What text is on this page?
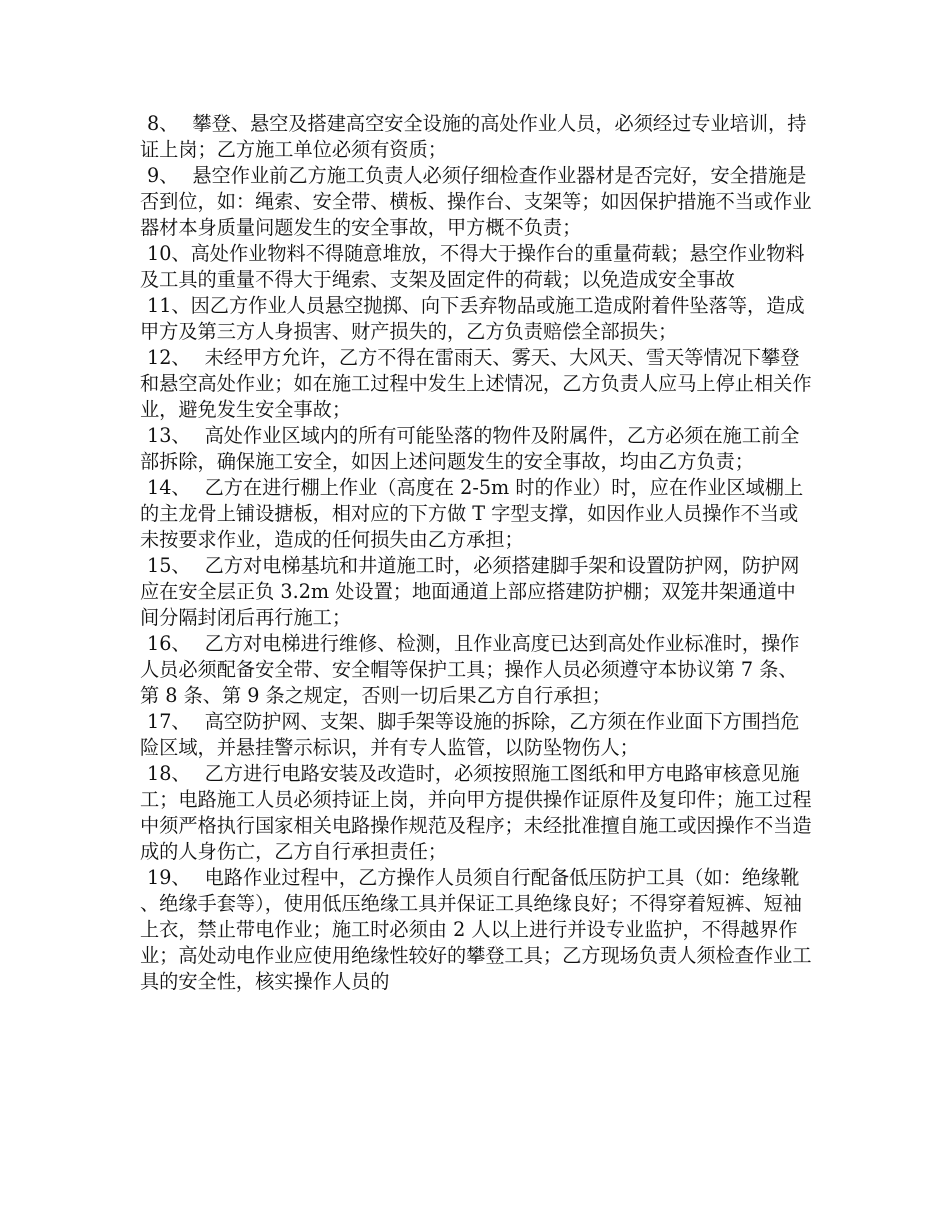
8、 攀登、悬空及搭建高空安全设施的高处作业人员，必须经过专业培训，持证上岗；乙方施工单位必须有资质；

9、 悬空作业前乙方施工负责人必须仔细检查作业器材是否完好，安全措施是否到位，如：绳索、安全带、横板、操作台、支架等；如因保护措施不当或作业器材本身质量问题发生的安全事故，甲方概不负责；

10、高处作业物料不得随意堆放，不得大于操作台的重量荷载；悬空作业物料及工具的重量不得大于绳索、支架及固定件的荷载；以免造成安全事故

11、因乙方作业人员悬空抛掷、向下丢弃物品或施工造成附着件坠落等，造成甲方及第三方人身损害、财产损失的，乙方负责赔偿全部损失；

12、 未经甲方允许，乙方不得在雷雨天、雾天、大风天、雪天等情况下攀登和悬空高处作业；如在施工过程中发生上述情况，乙方负责人应马上停止相关作业，避免发生安全事故；

13、 高处作业区域内的所有可能坠落的物件及附属件，乙方必须在施工前全部拆除，确保施工安全，如因上述问题发生的安全事故，均由乙方负责；

14、 乙方在进行棚上作业（高度在 2-5m 时的作业）时，应在作业区域棚上的主龙骨上铺设搪板，相对应的下方做 T 字型支撑，如因作业人员操作不当或未按要求作业，造成的任何损失由乙方承担；

15、 乙方对电梯基坑和井道施工时，必须搭建脚手架和设置防护网，防护网应在安全层正负 3.2m 处设置；地面通道上部应搭建防护棚；双笼井架通道中间分隔封闭后再行施工；

16、 乙方对电梯进行维修、检测，且作业高度已达到高处作业标准时，操作人员必须配备安全带、安全帽等保护工具；操作人员必须遵守本协议第 7 条、第 8 条、第 9 条之规定，否则一切后果乙方自行承担；

17、 高空防护网、支架、脚手架等设施的拆除，乙方须在作业面下方围挡危险区域，并悬挂警示标识，并有专人监管，以防坠物伤人；

18、 乙方进行电路安装及改造时，必须按照施工图纸和甲方电路审核意见施工；电路施工人员必须持证上岗，并向甲方提供操作证原件及复印件；施工过程中须严格执行国家相关电路操作规范及程序；未经批准擅自施工或因操作不当造成的人身伤亡，乙方自行承担责任；

19、 电路作业过程中，乙方操作人员须自行配备低压防护工具（如：绝缘靴、绝缘手套等），使用低压绝缘工具并保证工具绝缘良好；不得穿着短裤、短袖上衣，禁止带电作业；施工时必须由 2 人以上进行并设专业监护，不得越界作业；高处动电作业应使用绝缘性较好的攀登工具；乙方现场负责人须检查作业工具的安全性，核实操作人员的
